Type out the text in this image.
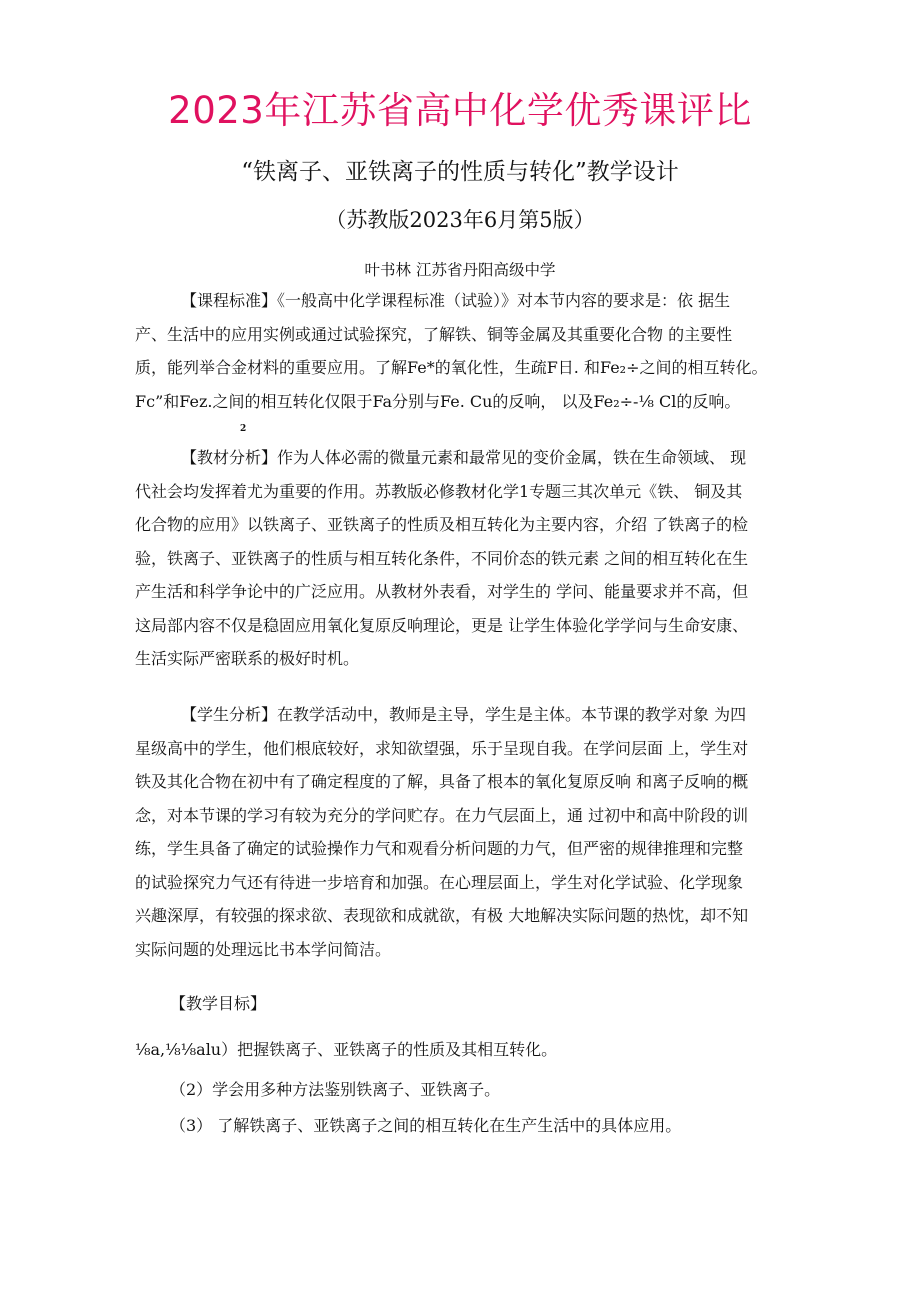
2023年江苏省高中化学优秀课评比
“铁离子、亚铁离子的性质与转化”教学设计
（苏教版2023年6月第5版）
叶书林 江苏省丹阳高级中学
【课程标准】《一般高中化学课程标准（试验）》对本节内容的要求是：依 据生
产、生活中的应用实例或通过试验探究，了解铁、铜等金属及其重要化合物 的主要性
质，能列举合金材料的重要应用。了解Fe*的氧化性，生疏F日. 和Fe₂÷之间的相互转化。
Fc”和Fez.之间的相互转化仅限于Fa分别与Fe. Cu的反响， 以及Fe₂÷-⅛ Cl的反响。
2
【教材分析】作为人体必需的微量元素和最常见的变价金属，铁在生命领域、 现
代社会均发挥着尤为重要的作用。苏教版必修教材化学1专题三其次单元《铁、 铜及其
化合物的应用》以铁离子、亚铁离子的性质及相互转化为主要内容，介绍 了铁离子的检
验，铁离子、亚铁离子的性质与相互转化条件，不同价态的铁元素 之间的相互转化在生
产生活和科学争论中的广泛应用。从教材外表看，对学生的 学问、能量要求并不高，但
这局部内容不仅是稳固应用氧化复原反响理论，更是 让学生体验化学学问与生命安康、
生活实际严密联系的极好时机。
【学生分析】在教学活动中，教师是主导，学生是主体。本节课的教学对象 为四
星级高中的学生，他们根底较好，求知欲望强，乐于呈现自我。在学问层面 上，学生对
铁及其化合物在初中有了确定程度的了解，具备了根本的氧化复原反响 和离子反响的概
念，对本节课的学习有较为充分的学问贮存。在力气层面上，通 过初中和高中阶段的训
练，学生具备了确定的试验操作力气和观看分析问题的力气，但严密的规律推理和完整
的试验探究力气还有待进一步培育和加强。在心理层面上，学生对化学试验、化学现象
兴趣深厚，有较强的探求欲、表现欲和成就欲，有极 大地解决实际问题的热忱，却不知
实际问题的处理远比书本学问简洁。
【教学目标】
⅛a,⅛⅛alu）把握铁离子、亚铁离子的性质及其相互转化。
（2）学会用多种方法鉴别铁离子、亚铁离子。
（3） 了解铁离子、亚铁离子之间的相互转化在生产生活中的具体应用。
